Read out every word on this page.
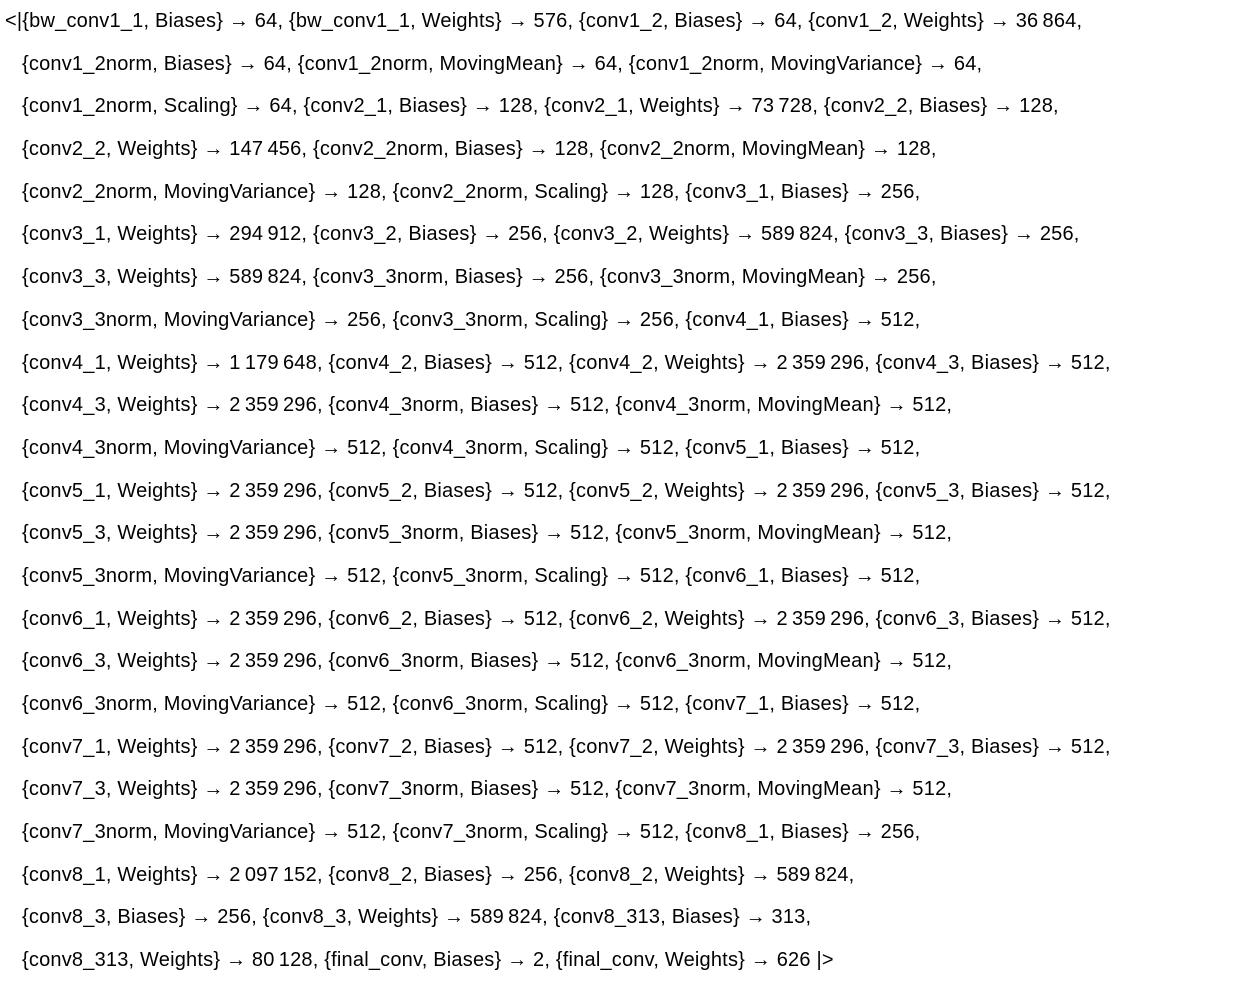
<|{bw_conv1_1, Biases} → 64, {bw_conv1_1, Weights} → 576, {conv1_2, Biases} → 64, {conv1_2, Weights} → 36 864,
{conv1_2norm, Biases} → 64, {conv1_2norm, MovingMean} → 64, {conv1_2norm, MovingVariance} → 64,
{conv1_2norm, Scaling} → 64, {conv2_1, Biases} → 128, {conv2_1, Weights} → 73 728, {conv2_2, Biases} → 128,
{conv2_2, Weights} → 147 456, {conv2_2norm, Biases} → 128, {conv2_2norm, MovingMean} → 128,
{conv2_2norm, MovingVariance} → 128, {conv2_2norm, Scaling} → 128, {conv3_1, Biases} → 256,
{conv3_1, Weights} → 294 912, {conv3_2, Biases} → 256, {conv3_2, Weights} → 589 824, {conv3_3, Biases} → 256,
{conv3_3, Weights} → 589 824, {conv3_3norm, Biases} → 256, {conv3_3norm, MovingMean} → 256,
{conv3_3norm, MovingVariance} → 256, {conv3_3norm, Scaling} → 256, {conv4_1, Biases} → 512,
{conv4_1, Weights} → 1 179 648, {conv4_2, Biases} → 512, {conv4_2, Weights} → 2 359 296, {conv4_3, Biases} → 512,
{conv4_3, Weights} → 2 359 296, {conv4_3norm, Biases} → 512, {conv4_3norm, MovingMean} → 512,
{conv4_3norm, MovingVariance} → 512, {conv4_3norm, Scaling} → 512, {conv5_1, Biases} → 512,
{conv5_1, Weights} → 2 359 296, {conv5_2, Biases} → 512, {conv5_2, Weights} → 2 359 296, {conv5_3, Biases} → 512,
{conv5_3, Weights} → 2 359 296, {conv5_3norm, Biases} → 512, {conv5_3norm, MovingMean} → 512,
{conv5_3norm, MovingVariance} → 512, {conv5_3norm, Scaling} → 512, {conv6_1, Biases} → 512,
{conv6_1, Weights} → 2 359 296, {conv6_2, Biases} → 512, {conv6_2, Weights} → 2 359 296, {conv6_3, Biases} → 512,
{conv6_3, Weights} → 2 359 296, {conv6_3norm, Biases} → 512, {conv6_3norm, MovingMean} → 512,
{conv6_3norm, MovingVariance} → 512, {conv6_3norm, Scaling} → 512, {conv7_1, Biases} → 512,
{conv7_1, Weights} → 2 359 296, {conv7_2, Biases} → 512, {conv7_2, Weights} → 2 359 296, {conv7_3, Biases} → 512,
{conv7_3, Weights} → 2 359 296, {conv7_3norm, Biases} → 512, {conv7_3norm, MovingMean} → 512,
{conv7_3norm, MovingVariance} → 512, {conv7_3norm, Scaling} → 512, {conv8_1, Biases} → 256,
{conv8_1, Weights} → 2 097 152, {conv8_2, Biases} → 256, {conv8_2, Weights} → 589 824,
{conv8_3, Biases} → 256, {conv8_3, Weights} → 589 824, {conv8_313, Biases} → 313,
{conv8_313, Weights} → 80 128, {final_conv, Biases} → 2, {final_conv, Weights} → 626 |>
